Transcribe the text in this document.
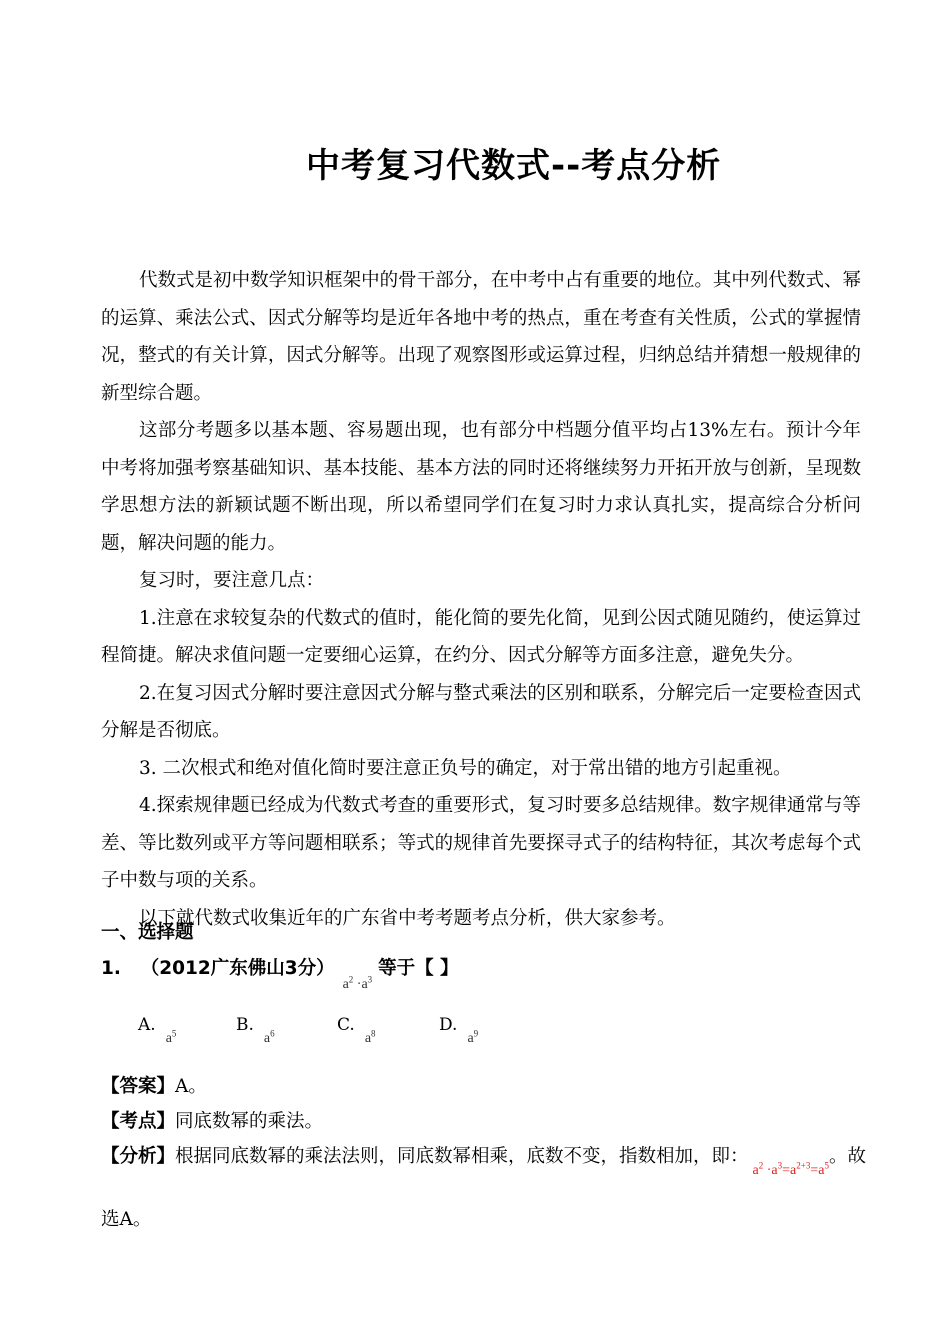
中考复习代数式--考点分析

代数式是初中数学知识框架中的骨干部分，在中考中占有重要的地位。其中列代数式、幂的运算、乘法公式、因式分解等均是近年各地中考的热点，重在考查有关性质，公式的掌握情况，整式的有关计算，因式分解等。出现了观察图形或运算过程，归纳总结并猜想一般规律的新型综合题。

这部分考题多以基本题、容易题出现，也有部分中档题分值平均占13%左右。预计今年中考将加强考察基础知识、基本技能、基本方法的同时还将继续努力开拓开放与创新，呈现数学思想方法的新颖试题不断出现，所以希望同学们在复习时力求认真扎实，提高综合分析问题，解决问题的能力。

复习时，要注意几点：

1.注意在求较复杂的代数式的值时，能化简的要先化简，见到公因式随见随约，使运算过程简捷。解决求值问题一定要细心运算，在约分、因式分解等方面多注意，避免失分。

2.在复习因式分解时要注意因式分解与整式乘法的区别和联系，分解完后一定要检查因式分解是否彻底。

3. 二次根式和绝对值化简时要注意正负号的确定，对于常出错的地方引起重视。

4.探索规律题已经成为代数式考查的重要形式，复习时要多总结规律。数字规律通常与等差、等比数列或平方等问题相联系；等式的规律首先要探寻式子的结构特征，其次考虑每个式子中数与项的关系。

以下就代数式收集近年的广东省中考考题考点分析，供大家参考。

一、选择题
1. （2012广东佛山3分） $_{a^2 \cdot a^3}$ 等于【 】
$A._{a^5}$	$B._{a^6}$	$C._{a^8}$	$D._{a^9}$
【答案】A。
【考点】同底数幂的乘法。
【分析】根据同底数幂的乘法法则，同底数幂相乘，底数不变，指数相加，即：$_{a^2 \cdot a^3=a^{2+3}=a^5}$。故
选A。
